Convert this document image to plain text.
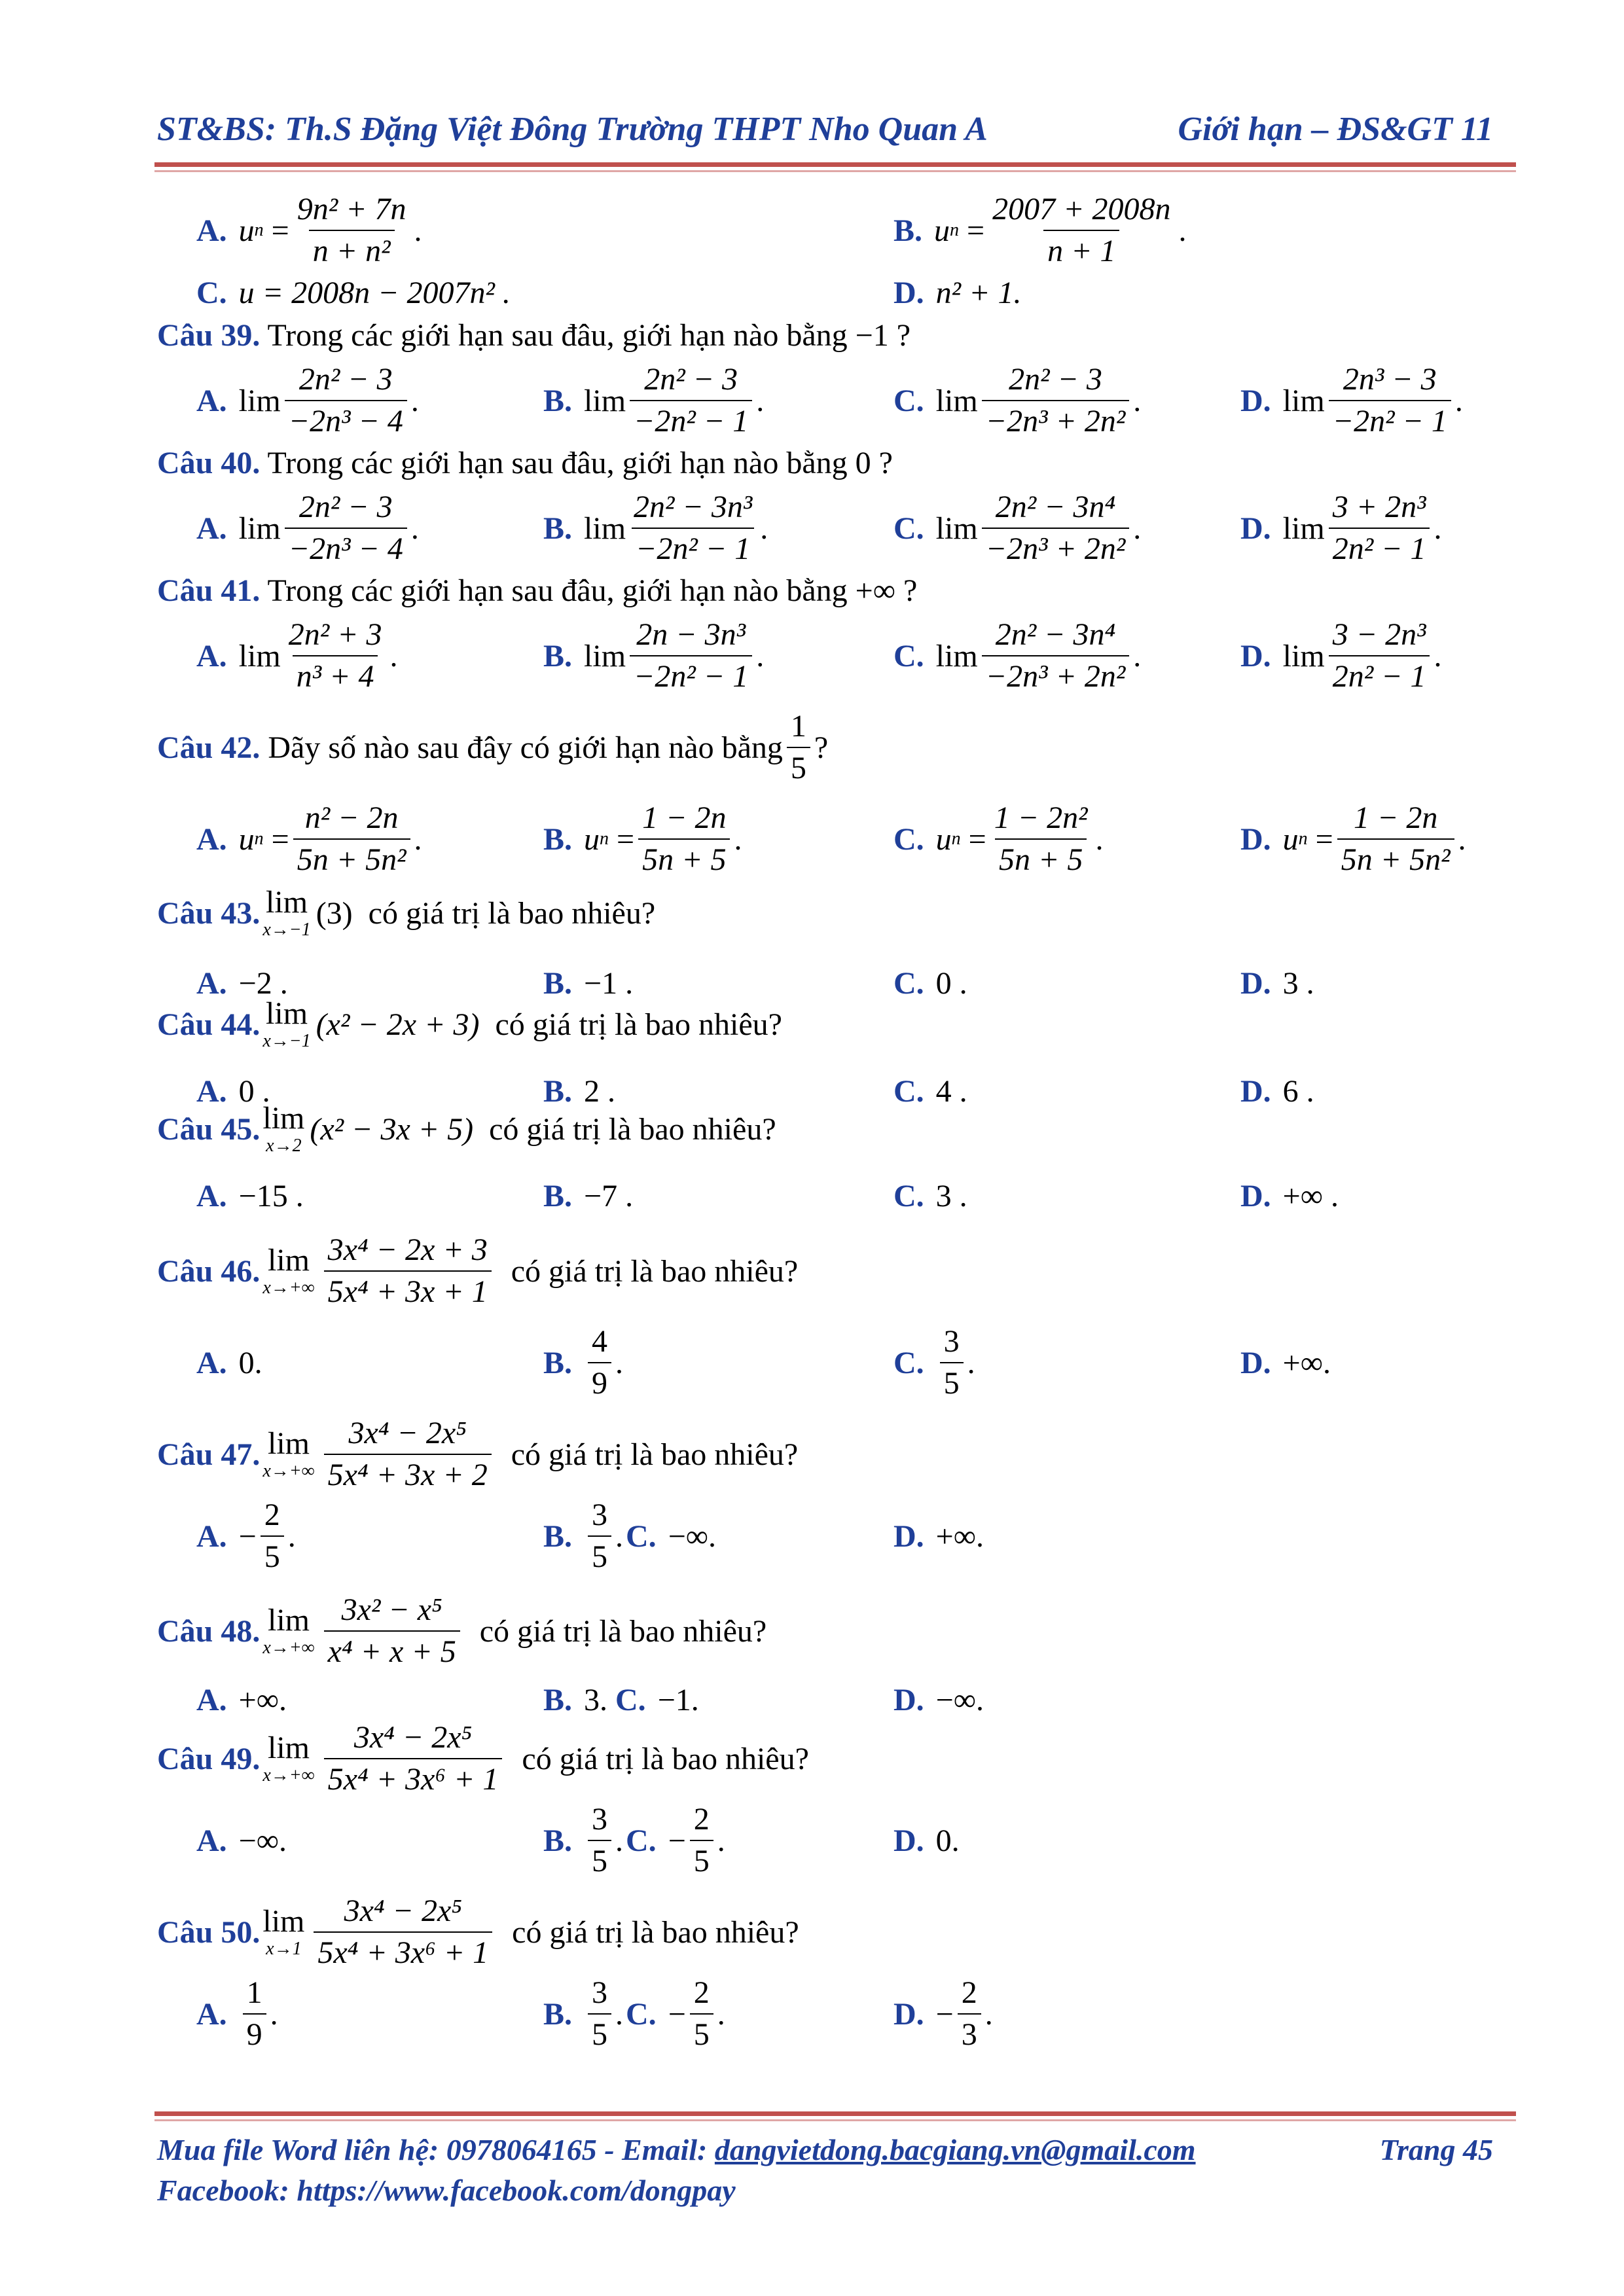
ST&BS: Th.S Đặng Việt Đông Trường THPT Nho Quan A	Giới hạn – ĐS&GT 11
A. u n
= $\frac{\text{9n² + 7n}}{\text{n + n²}}$ .	B. u n
= $\frac{2007 + 2008n}{n + 1}$ .
C. u = 2008n − 2007n² .	D. n² + 1.
Câu 39. Trong các giới hạn sau đâu, giới hạn nào bằng −1 ?
A. $\lim \frac{\text{2n² − 3}}{\text{−2n³ − 4}}$ .	B. $\lim \frac{\text{2n² − 3}}{\text{−2n² − 1}}$ .	C. $\lim \frac{\text{2n² − 3}}{\text{−2n³ + 2n²}}$ .	D. $\lim \frac{\text{2n³ − 3}}{\text{−2n² − 1}}$ .
Câu 40. Trong các giới hạn sau đâu, giới hạn nào bằng 0 ?
A. $\lim \frac{\text{2n² − 3}}{\text{−2n³ − 4}}$ .	B. $\lim \frac{\text{2n² − 3n³}}{\text{−2n² − 1}}$ .	C. $\lim \frac{\text{2n² − 3n⁴}}{\text{−2n³ + 2n²}}$ .	D. $\lim \frac{\text{3 + 2n³}}{\text{2n² − 1}}$ .
Câu 41. Trong các giới hạn sau đâu, giới hạn nào bằng +∞ ?
A. $\lim \frac{\text{2n² + 3}}{\text{n³ + 4}}$ .	B. $\lim \frac{\text{2n − 3n³}}{\text{−2n² − 1}}$ .	C. $\lim \frac{\text{2n² − 3n⁴}}{\text{−2n³ + 2n²}}$ .	D. $\lim \frac{\text{3 − 2n³}}{\text{2n² − 1}}$ .
Câu 42.
Dãy số nào sau đây có giới hạn nào bằng $\frac{1}{5}$ ?
A. u n
= $\frac{\text{n² − 2n}}{\text{5n + 5n²}}$ .	B. u n
= $\frac{1 - 2n}{5n + 5}$ .	C. u n
= $\frac{\text{1 − 2n²}}{5n + 5}$ .	D. u n
= $\frac{1 - 2n}{\text{5n + 5n²}}$ .
Câu 43. lim
x→−1 (3)
có giá trị là bao nhiêu?
A. −2 .	B. −1 .	C. 0 .	D. 3 .
Câu 44. lim
x→−1 (x² − 2x + 3)
có giá trị là bao nhiêu?
A. 0 .	B. 2 .	C. 4 .	D. 6 .
Câu 45. lim
x→2 (x² − 3x + 5)
có giá trị là bao nhiêu?
A. −15 .	B. −7 .	C. 3 .	D. +∞ .
Câu 46. lim
$x\to+\infty \frac{\text{3x⁴ − 2x + 3}}{\text{5x⁴ + 3x + 1}}$
có giá trị là bao nhiêu?
A. 0.	B. $\frac{4}{9}$ .	C. $\frac{3}{5}$ .	D. +∞.
Câu 47. lim
$x\to+\infty \frac{\text{3x⁴ − 2x⁵}}{\text{5x⁴ + 3x + 2}}$
có giá trị là bao nhiêu?
A. − $\frac{2}{5}$ .	B. $\frac{3}{5}$ . C. −∞.	D. +∞.
Câu 48. lim
$x\to+\infty \frac{\text{3x² − x⁵}}{\text{x⁴ + x + 5}}$
có giá trị là bao nhiêu?
A. +∞.	B. 3.
C. −1.	D. −∞.
Câu 49. lim
$x\to+\infty \frac{\text{3x⁴ − 2x⁵}}{\text{5x⁴ + 3x⁶ + 1}}$
có giá trị là bao nhiêu?
A. −∞.	B. $\frac{3}{5}$ . C. − $\frac{2}{5}$ .	D. 0.
Câu 50. lim
$x\to 1 \frac{\text{3x⁴ − 2x⁵}}{\text{5x⁴ + 3x⁶ + 1}}$
có giá trị là bao nhiêu?
A. $\frac{1}{9}$ .	B. $\frac{3}{5}$ . C. − $\frac{2}{5}$ .	D. − $\frac{2}{3}$ .
Mua file Word liên hệ: 0978064165 - Email: dangvietdong.bacgiang.vn@gmail.com	Trang 45
Facebook: https://www.facebook.com/dongpay
